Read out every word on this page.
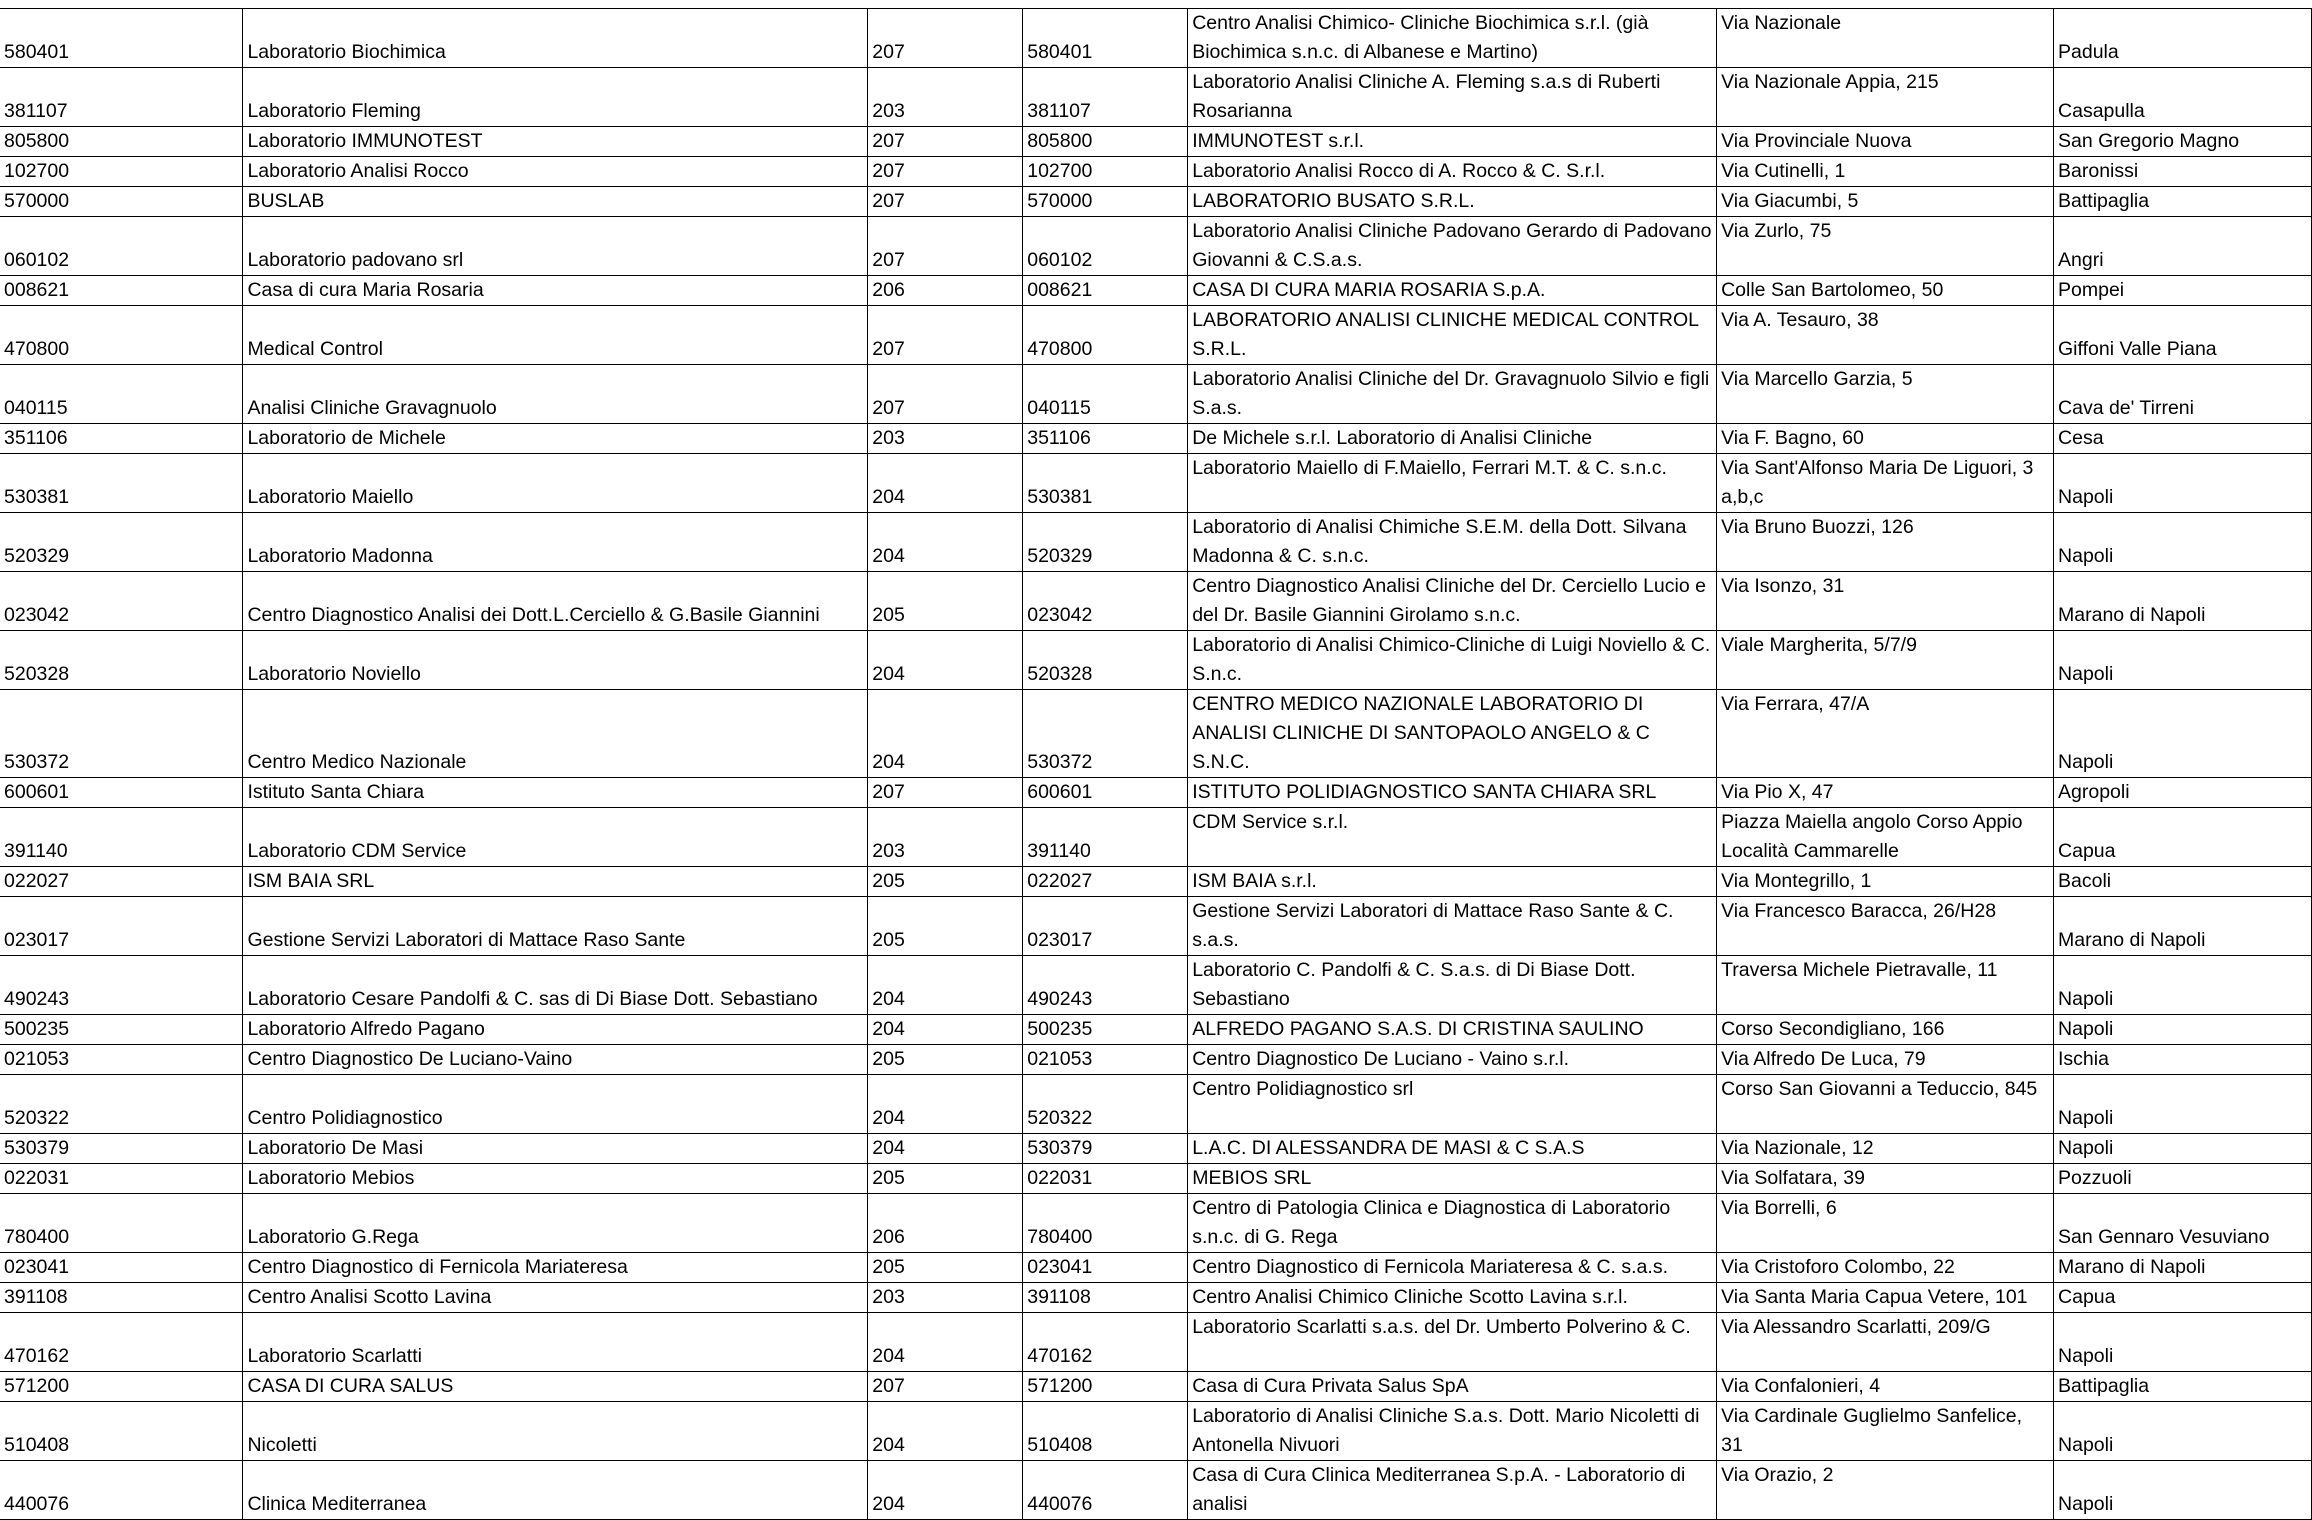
580401	Laboratorio Biochimica	207	580401	Centro Analisi Chimico- Cliniche Biochimica s.r.l. (già Biochimica s.n.c. di Albanese e Martino)	Via Nazionale	Padula
381107	Laboratorio Fleming	203	381107	Laboratorio Analisi Cliniche A. Fleming s.a.s di Ruberti Rosarianna	Via Nazionale Appia, 215	Casapulla
805800	Laboratorio IMMUNOTEST	207	805800	IMMUNOTEST s.r.l.	Via Provinciale Nuova	San Gregorio Magno
102700	Laboratorio Analisi Rocco	207	102700	Laboratorio Analisi Rocco di A. Rocco & C. S.r.l.	Via Cutinelli, 1	Baronissi
570000	BUSLAB	207	570000	LABORATORIO BUSATO S.R.L.	Via Giacumbi, 5	Battipaglia
060102	Laboratorio padovano srl	207	060102	Laboratorio Analisi Cliniche Padovano Gerardo di Padovano Giovanni & C.S.a.s.	Via Zurlo, 75	Angri
008621	Casa di cura Maria Rosaria	206	008621	CASA DI CURA MARIA ROSARIA S.p.A.	Colle San Bartolomeo, 50	Pompei
470800	Medical Control	207	470800	LABORATORIO ANALISI CLINICHE MEDICAL CONTROL S.R.L.	Via A. Tesauro, 38	Giffoni Valle Piana
040115	Analisi Cliniche Gravagnuolo	207	040115	Laboratorio Analisi Cliniche del Dr. Gravagnuolo Silvio e figli S.a.s.	Via Marcello Garzia, 5	Cava de' Tirreni
351106	Laboratorio de Michele	203	351106	De Michele s.r.l. Laboratorio di Analisi Cliniche	Via F. Bagno, 60	Cesa
530381	Laboratorio Maiello	204	530381	Laboratorio Maiello di F.Maiello, Ferrari M.T. & C. s.n.c.	Via Sant'Alfonso Maria De Liguori, 3 a,b,c	Napoli
520329	Laboratorio Madonna	204	520329	Laboratorio di Analisi Chimiche S.E.M. della Dott. Silvana Madonna & C. s.n.c.	Via Bruno Buozzi, 126	Napoli
023042	Centro Diagnostico Analisi dei Dott.L.Cerciello & G.Basile Giannini	205	023042	Centro Diagnostico Analisi Cliniche del Dr. Cerciello Lucio e del Dr. Basile Giannini Girolamo s.n.c.	Via Isonzo, 31	Marano di Napoli
520328	Laboratorio Noviello	204	520328	Laboratorio di Analisi Chimico-Cliniche di Luigi Noviello & C. S.n.c.	Viale Margherita, 5/7/9	Napoli
530372	Centro Medico Nazionale	204	530372	CENTRO MEDICO NAZIONALE LABORATORIO DI ANALISI CLINICHE DI SANTOPAOLO ANGELO & C S.N.C.	Via Ferrara, 47/A	Napoli
600601	Istituto Santa Chiara	207	600601	ISTITUTO POLIDIAGNOSTICO SANTA CHIARA SRL	Via Pio X, 47	Agropoli
391140	Laboratorio CDM Service	203	391140	CDM Service s.r.l.	Piazza Maiella angolo Corso Appio Località Cammarelle	Capua
022027	ISM BAIA SRL	205	022027	ISM BAIA s.r.l.	Via Montegrillo, 1	Bacoli
023017	Gestione Servizi Laboratori di Mattace Raso Sante	205	023017	Gestione Servizi Laboratori di Mattace Raso Sante & C. s.a.s.	Via Francesco Baracca, 26/H28	Marano di Napoli
490243	Laboratorio Cesare Pandolfi & C. sas di Di Biase Dott. Sebastiano	204	490243	Laboratorio C. Pandolfi & C. S.a.s. di Di Biase Dott. Sebastiano	Traversa Michele Pietravalle, 11	Napoli
500235	Laboratorio Alfredo Pagano	204	500235	ALFREDO PAGANO S.A.S. DI CRISTINA SAULINO	Corso Secondigliano, 166	Napoli
021053	Centro Diagnostico De Luciano-Vaino	205	021053	Centro Diagnostico De Luciano - Vaino s.r.l.	Via Alfredo De Luca, 79	Ischia
520322	Centro Polidiagnostico	204	520322	Centro Polidiagnostico srl	Corso San Giovanni a Teduccio, 845	Napoli
530379	Laboratorio De Masi	204	530379	L.A.C. DI ALESSANDRA DE MASI & C S.A.S	Via Nazionale, 12	Napoli
022031	Laboratorio Mebios	205	022031	MEBIOS SRL	Via Solfatara, 39	Pozzuoli
780400	Laboratorio G.Rega	206	780400	Centro di Patologia Clinica e Diagnostica di Laboratorio s.n.c. di G. Rega	Via Borrelli, 6	San Gennaro Vesuviano
023041	Centro Diagnostico di Fernicola Mariateresa	205	023041	Centro Diagnostico di Fernicola Mariateresa & C. s.a.s.	Via Cristoforo Colombo, 22	Marano di Napoli
391108	Centro Analisi Scotto Lavina	203	391108	Centro Analisi Chimico Cliniche Scotto Lavina s.r.l.	Via Santa Maria Capua Vetere, 101	Capua
470162	Laboratorio Scarlatti	204	470162	Laboratorio Scarlatti s.a.s. del Dr. Umberto Polverino & C.	Via Alessandro Scarlatti, 209/G	Napoli
571200	CASA DI CURA SALUS	207	571200	Casa di Cura Privata Salus SpA	Via Confalonieri, 4	Battipaglia
510408	Nicoletti	204	510408	Laboratorio di Analisi Cliniche S.a.s. Dott. Mario Nicoletti di Antonella Nivuori	Via Cardinale Guglielmo Sanfelice, 31	Napoli
440076	Clinica Mediterranea	204	440076	Casa di Cura Clinica Mediterranea S.p.A. - Laboratorio di analisi	Via Orazio, 2	Napoli
